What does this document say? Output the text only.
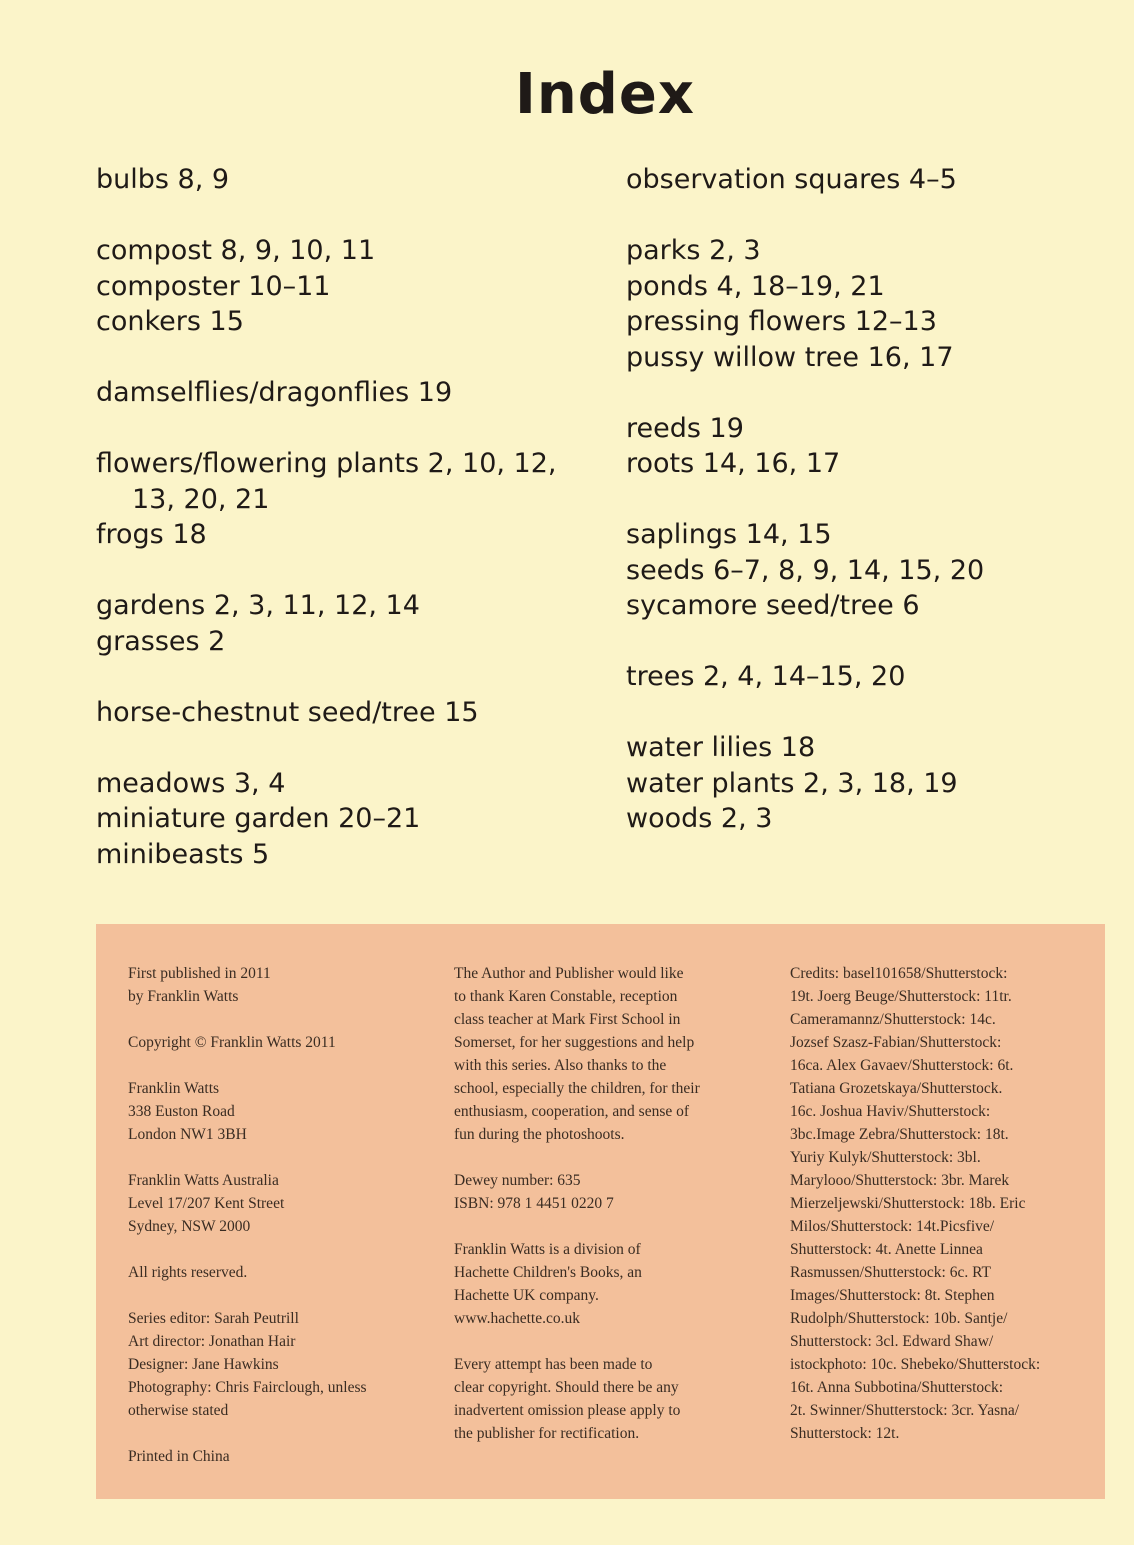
Index
bulbs 8, 9
compost 8, 9, 10, 11
composter 10–11
conkers 15
damselflies/dragonflies 19
flowers/flowering plants 2, 10, 12, 13, 20, 21
frogs 18
gardens 2, 3, 11, 12, 14
grasses 2
horse-chestnut seed/tree 15
meadows 3, 4
miniature garden 20–21
minibeasts 5
observation squares 4–5
parks 2, 3
ponds 4, 18–19, 21
pressing flowers 12–13
pussy willow tree 16, 17
reeds 19
roots 14, 16, 17
saplings 14, 15
seeds 6–7, 8, 9, 14, 15, 20
sycamore seed/tree 6
trees 2, 4, 14–15, 20
water lilies 18
water plants 2, 3, 18, 19
woods 2, 3
First published in 2011
by Franklin Watts
Copyright © Franklin Watts 2011
Franklin Watts
338 Euston Road
London NW1 3BH
Franklin Watts Australia
Level 17/207 Kent Street
Sydney, NSW 2000
All rights reserved.
Series editor: Sarah Peutrill
Art director: Jonathan Hair
Designer: Jane Hawkins
Photography: Chris Fairclough, unless
otherwise stated
Printed in China
The Author and Publisher would like
to thank Karen Constable, reception
class teacher at Mark First School in
Somerset, for her suggestions and help
with this series. Also thanks to the
school, especially the children, for their
enthusiasm, cooperation, and sense of
fun during the photoshoots.
Dewey number: 635
ISBN: 978 1 4451 0220 7
Franklin Watts is a division of
Hachette Children's Books, an
Hachette UK company.
www.hachette.co.uk
Every attempt has been made to
clear copyright. Should there be any
inadvertent omission please apply to
the publisher for rectification.
Credits: basel101658/Shutterstock:
19t. Joerg Beuge/Shutterstock: 11tr.
Cameramannz/Shutterstock: 14c.
Jozsef Szasz-Fabian/Shutterstock:
16ca. Alex Gavaev/Shutterstock: 6t.
Tatiana Grozetskaya/Shutterstock.
16c. Joshua Haviv/Shutterstock:
3bc.Image Zebra/Shutterstock: 18t.
Yuriy Kulyk/Shutterstock: 3bl.
Marylooo/Shutterstock: 3br. Marek
Mierzeljewski/Shutterstock: 18b. Eric
Milos/Shutterstock: 14t.Picsfive/
Shutterstock: 4t. Anette Linnea
Rasmussen/Shutterstock: 6c. RT
Images/Shutterstock: 8t. Stephen
Rudolph/Shutterstock: 10b. Santje/
Shutterstock: 3cl. Edward Shaw/
istockphoto: 10c. Shebeko/Shutterstock:
16t. Anna Subbotina/Shutterstock:
2t. Swinner/Shutterstock: 3cr. Yasna/
Shutterstock: 12t.
